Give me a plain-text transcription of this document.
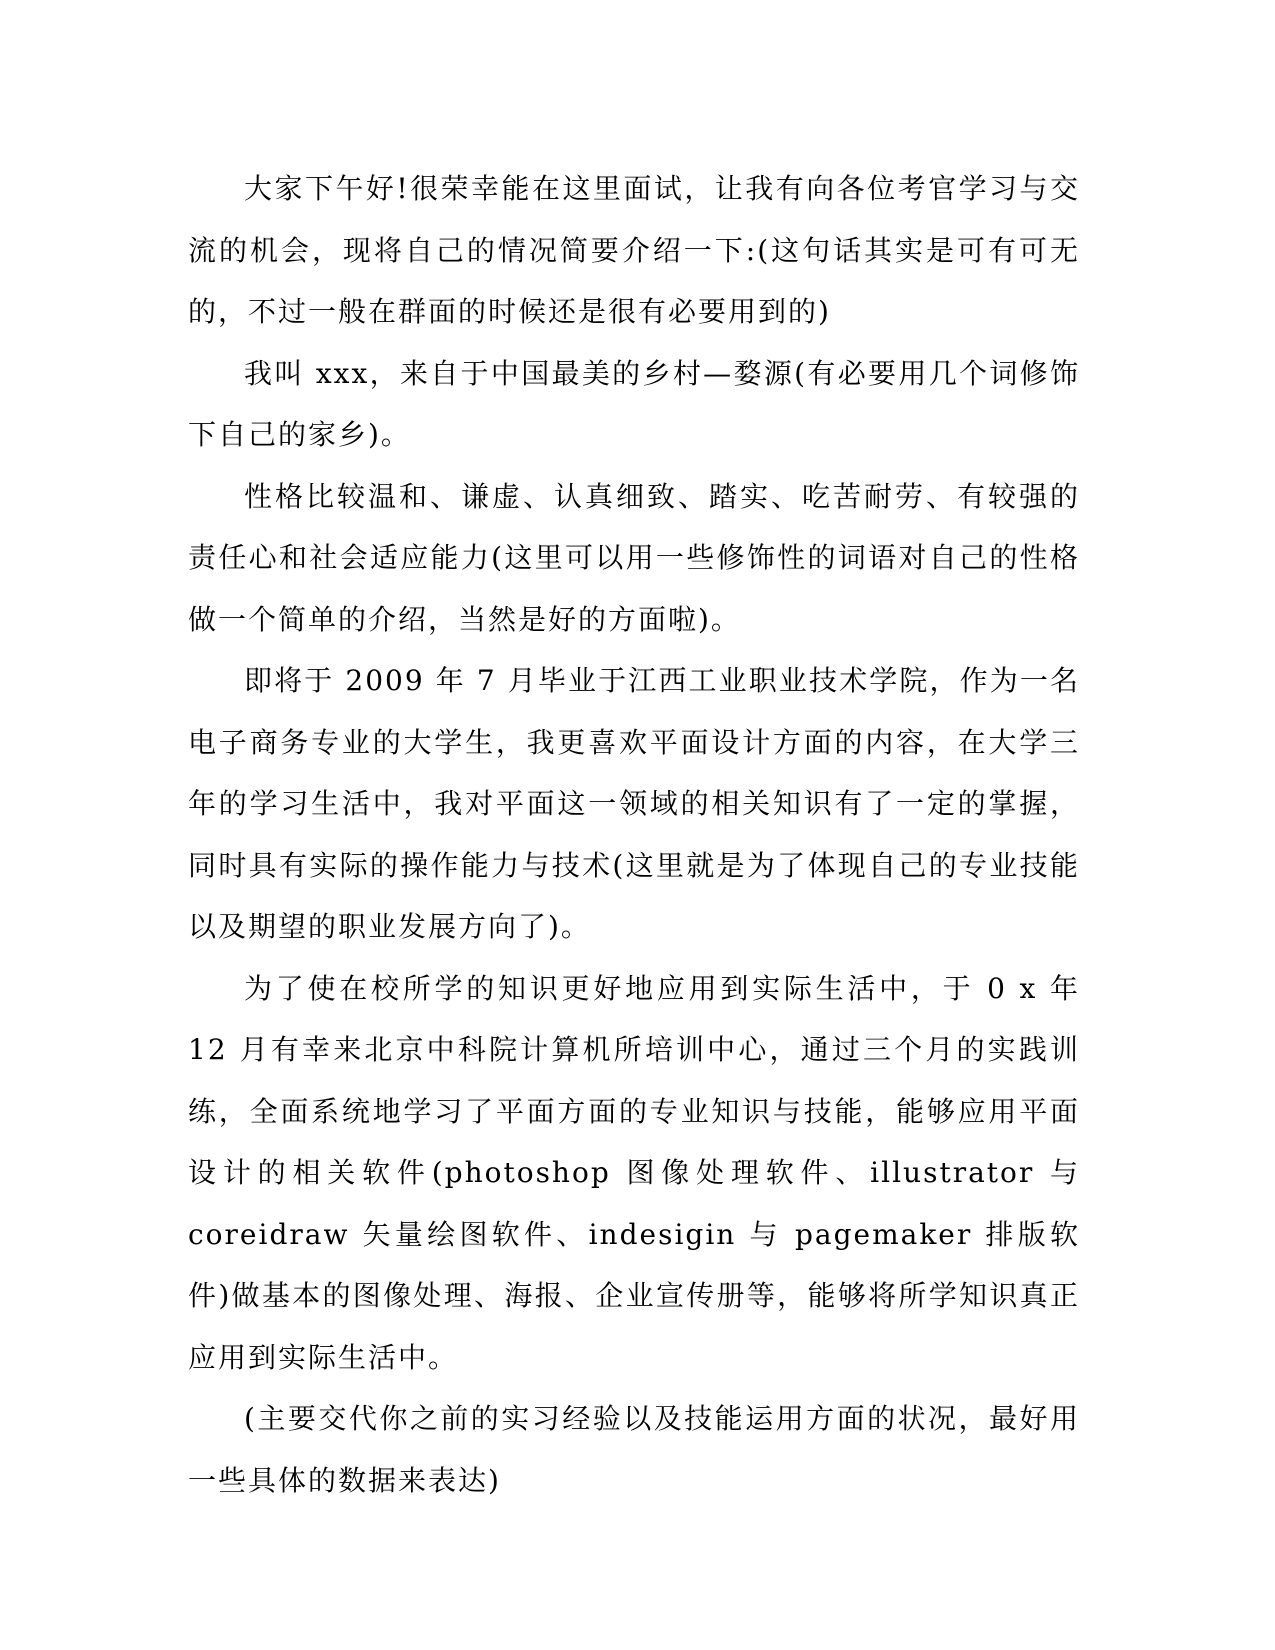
大家下午好!很荣幸能在这里面试，让我有向各位考官学习与交流的机会，现将自己的情况简要介绍一下:(这句话其实是可有可无的，不过一般在群面的时候还是很有必要用到的)

我叫 xxx，来自于中国最美的乡村—婺源(有必要用几个词修饰下自己的家乡)。

性格比较温和、谦虚、认真细致、踏实、吃苦耐劳、有较强的责任心和社会适应能力(这里可以用一些修饰性的词语对自己的性格做一个简单的介绍，当然是好的方面啦)。

即将于 2009 年 7 月毕业于江西工业职业技术学院，作为一名电子商务专业的大学生，我更喜欢平面设计方面的内容，在大学三年的学习生活中，我对平面这一领域的相关知识有了一定的掌握，同时具有实际的操作能力与技术(这里就是为了体现自己的专业技能以及期望的职业发展方向了)。

为了使在校所学的知识更好地应用到实际生活中，于 0 x 年 12 月有幸来北京中科院计算机所培训中心，通过三个月的实践训练，全面系统地学习了平面方面的专业知识与技能，能够应用平面设计的相关软件(photoshop 图像处理软件、illustrator 与 coreidraw 矢量绘图软件、indesigin 与 pagemaker 排版软件)做基本的图像处理、海报、企业宣传册等，能够将所学知识真正应用到实际生活中。

(主要交代你之前的实习经验以及技能运用方面的状况，最好用一些具体的数据来表达)
